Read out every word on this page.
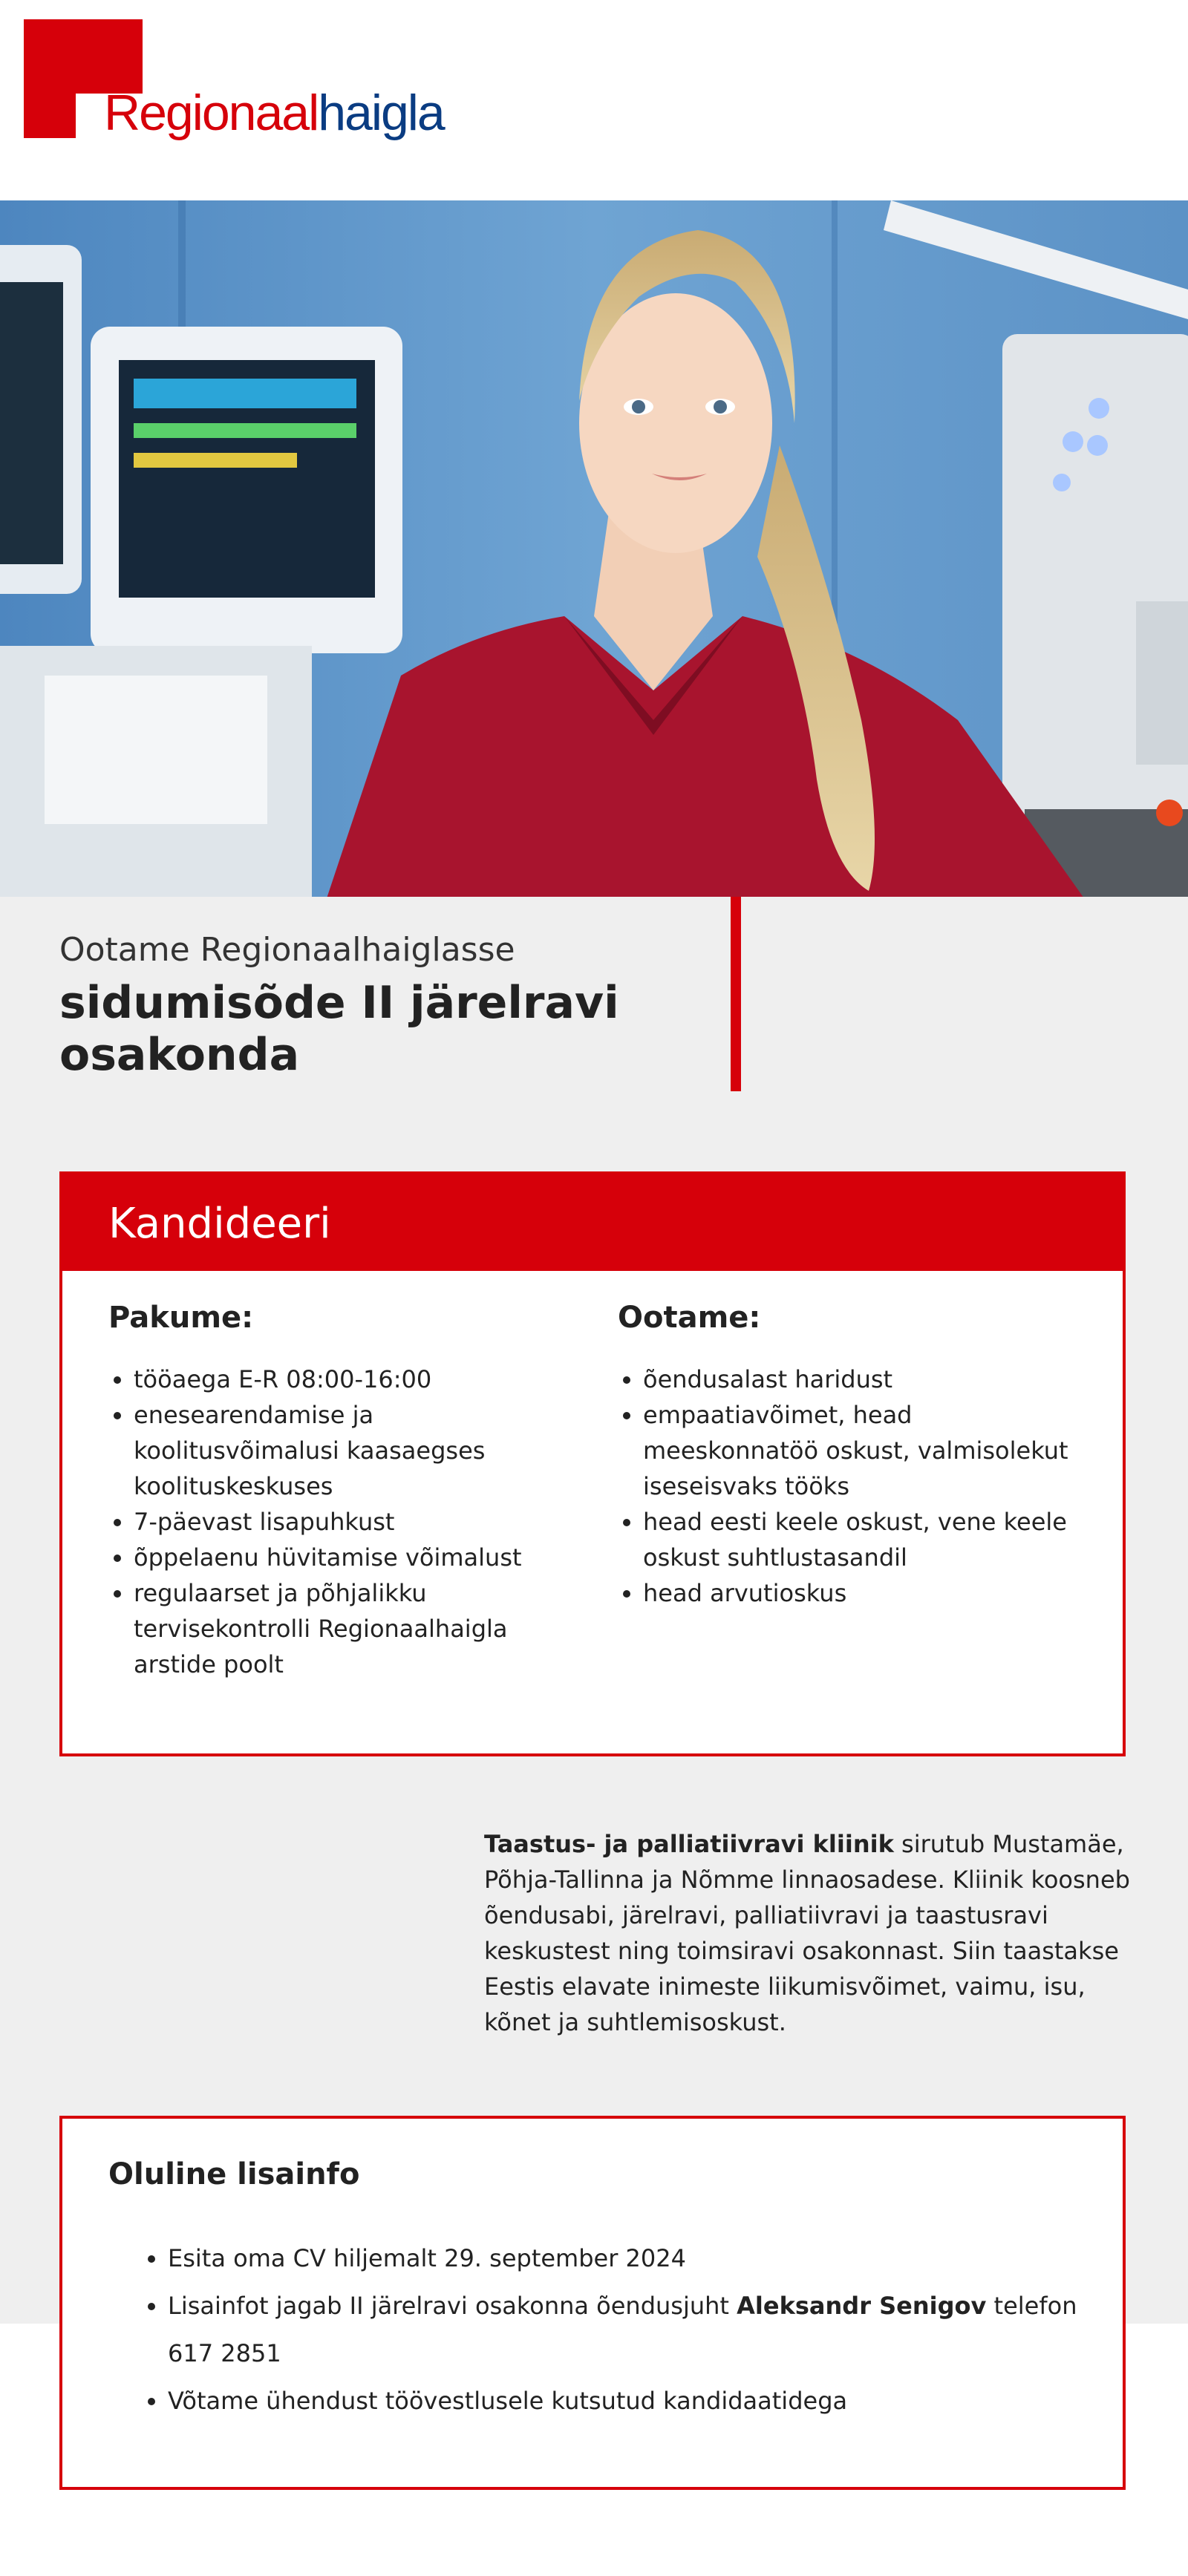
Regionaalhaigla
Ootame Regionaalhaiglasse
sidumisõde II järelravi osakonda
Kandideeri
Pakume:
• tööaega E-R 08:00-16:00
• enesearendamise ja koolitusvõimalusi kaasaegses koolituskeskuses
• 7-päevast lisapuhkust
• õppelaenu hüvitamise võimalust
• regulaarset ja põhjalikku tervisekontrolli Regionaalhaigla arstide poolt
Ootame:
• õendusalast haridust
• empaatiavõimet, head meeskonnatöö oskust, valmisolekut iseseisvaks tööks
• head eesti keele oskust, vene keele oskust suhtlustasandil
• head arvutioskus

Taastus- ja palliatiivravi kliinik sirutub Mustamäe, Põhja-Tallinna ja Nõmme linnaosadese. Kliinik koosneb õendusabi, järelravi, palliatiivravi ja taastusravi keskustest ning toimsiravi osakonnast. Siin taastakse Eestis elavate inimeste liikumisvõimet, vaimu, isu, kõnet ja suhtlemisoskust.

Oluline lisainfo
• Esita oma CV hiljemalt 29. september 2024
• Lisainfot jagab II järelravi osakonna õendusjuht Aleksandr Senigov telefon 617 2851
• Võtame ühendust töövestlusele kutsutud kandidaatidega
